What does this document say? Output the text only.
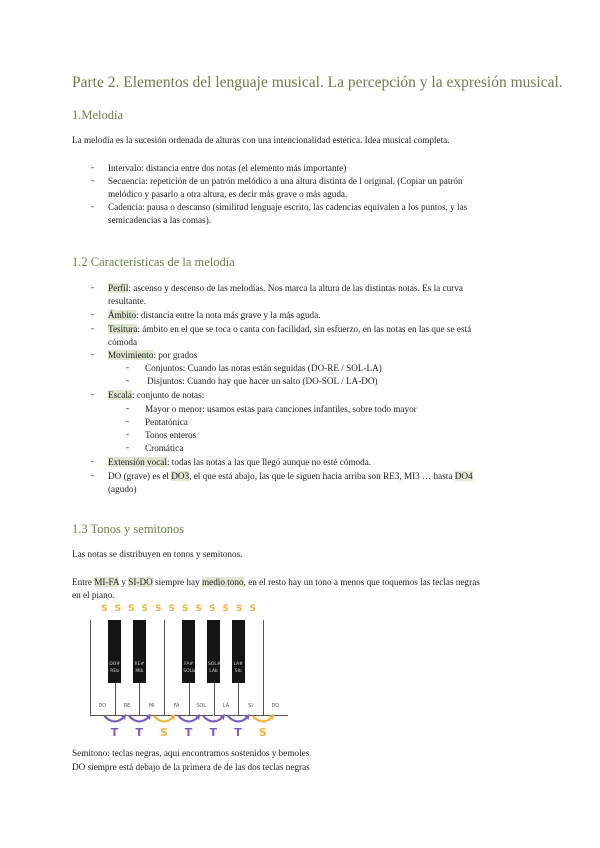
Parte 2. Elementos del lenguaje musical. La percepción y la expresión musical.
1.Melodía
La melodía es la sucesión ordenada de alturas con una intencionalidad estética. Idea musical completa.
- Intervalo: distancia entre dos notas (el elemento más importante)
- Secuencia: repetición de un patrón melódico a una altura distinta de l original. (Copiar un patrón
melódico y pasarlo a otra altura, es decir más grave o más aguda.
- Cadencia: pausa o descanso (similitud lenguaje escrito, las cadencias equivalen a los puntos, y las
semicadencias a las comas).
1.2 Características de la melodía
- Perfil: ascenso y descenso de las melodías. Nos marca la altura de las distintas notas. Es la curva
resultante.
- Ámbito: distancia entre la nota más grave y la más aguda.
- Tesitura: ámbito en el que se toca o canta con facilidad, sin esfuerzo, en las notas en las que se está
cómoda
- Movimiento: por grados
- Conjuntos: Cuando las notas están seguidas (DO-RE / SOL-LA)
- Disjuntos: Cuando hay que hacer un salto (DO-SOL / LA-DO)
- Escala: conjunto de notas:
- Mayor o menor: usamos estas para canciones infantiles, sobre todo mayor
- Pentatónica
- Tonos enteros
- Cromática
- Extensión vocal: todas las notas a las que llegó aunque no esté cómoda.
- DO (grave) es el DO3, el que está abajo, las que le siguen hacia arriba son RE3, MI3 … hasta DO4
(agudo)
1.3 Tonos y semitonos
Las notas se distribuyen en tonos y semitonos.
Entre MI-FA y SI-DO siempre hay medio tono, en el resto hay un tono a menos que toquemos las teclas negras
en el piano.
S S S S S S S S S S S S
DO	RE	MI	FA	SOL	LA	SI	DO
DO#
REb
RE#
MIb
FA#
SOLb
SOL#
LAb
LA#
SIb
T T S T T T S
Semitono: teclas negras, aquí encontramos sostenidos y bemoles
DO siempre está debajo de la primera de de las dos teclas negras
